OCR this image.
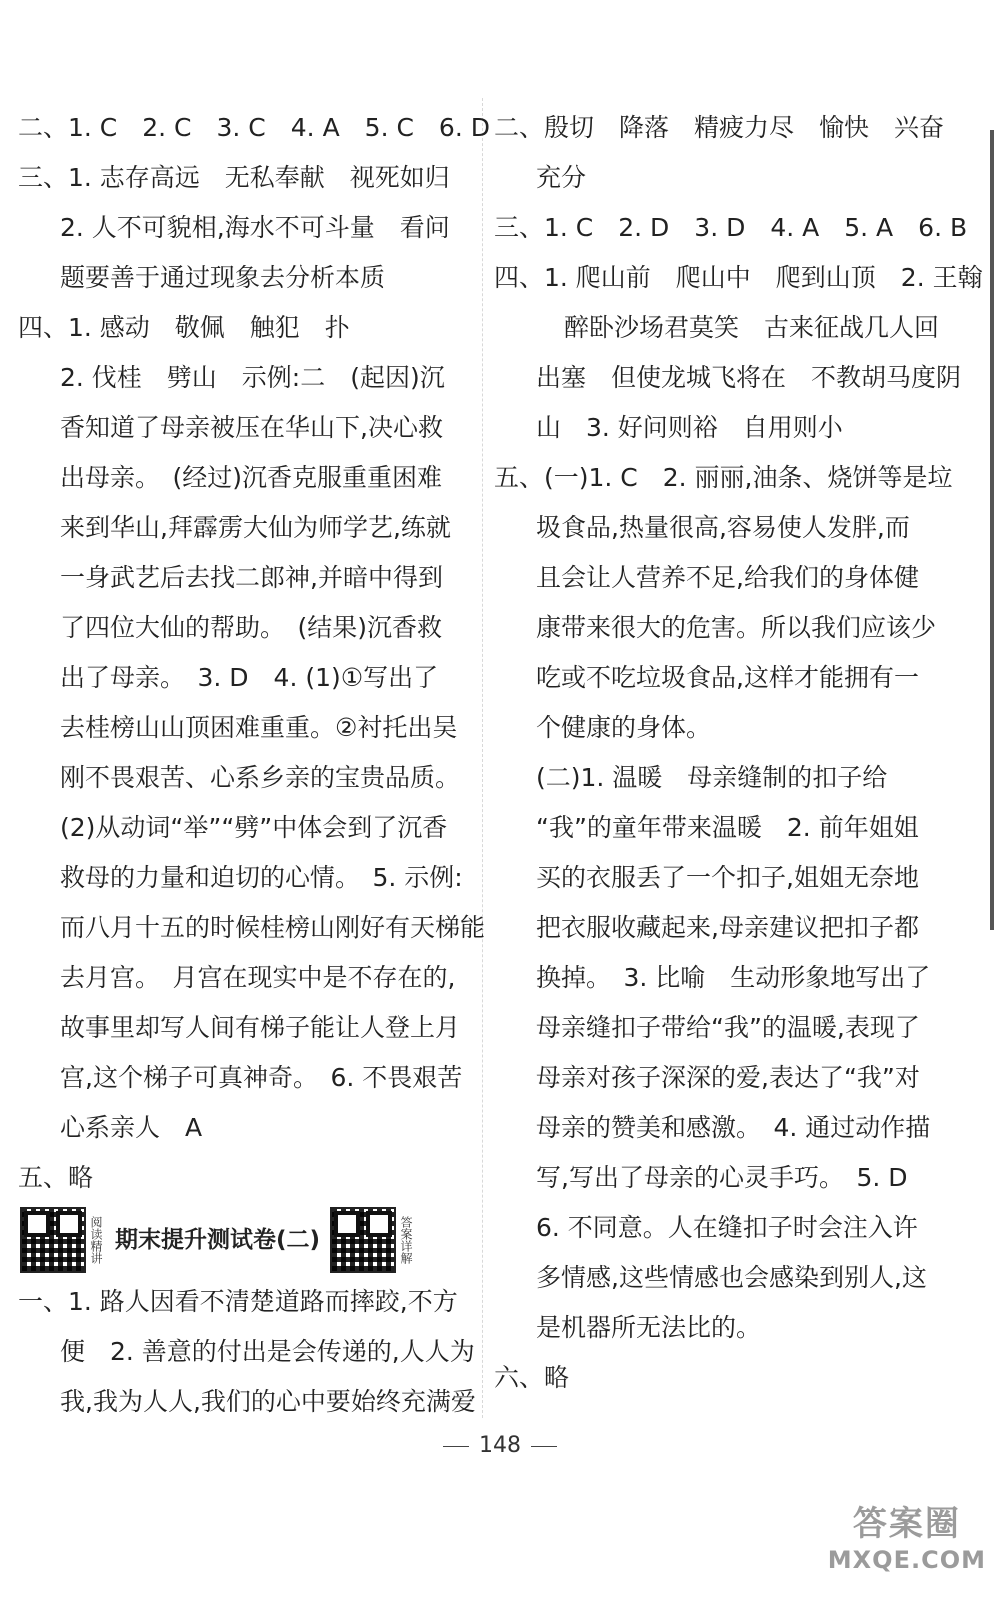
二、1. C　2. C　3. C　4. A　5. C　6. D
三、1. 志存高远　无私奉献　视死如归
2. 人不可貌相,海水不可斗量　看问
题要善于通过现象去分析本质
四、1. 感动　敬佩　触犯　扑
2. 伐桂　劈山　示例:二　(起因)沉
香知道了母亲被压在华山下,决心救
出母亲。　(经过)沉香克服重重困难
来到华山,拜霹雳大仙为师学艺,练就
一身武艺后去找二郎神,并暗中得到
了四位大仙的帮助。　(结果)沉香救
出了母亲。　3. D　4. (1)①写出了
去桂榜山山顶困难重重。②衬托出吴
刚不畏艰苦、心系乡亲的宝贵品质。
(2)从动词“举”“劈”中体会到了沉香
救母的力量和迫切的心情。　5. 示例:
而八月十五的时候桂榜山刚好有天梯能
去月宫。　月宫在现实中是不存在的,
故事里却写人间有梯子能让人登上月
宫,这个梯子可真神奇。　6. 不畏艰苦
心系亲人　A
五、略
阅读精讲 期末提升测试卷(二)	答案详解
一、1. 路人因看不清楚道路而摔跤,不方
便　2. 善意的付出是会传递的,人人为
我,我为人人,我们的心中要始终充满爱
二、殷切　降落　精疲力尽　愉快　兴奋
充分
三、1. C　2. D　3. D　4. A　5. A　6. B
四、1. 爬山前　爬山中　爬到山顶　2. 王翰
醉卧沙场君莫笑　古来征战几人回
出塞　但使龙城飞将在　不教胡马度阴
山　3. 好问则裕　自用则小
五、(一)1. C　2. 丽丽,油条、烧饼等是垃
圾食品,热量很高,容易使人发胖,而
且会让人营养不足,给我们的身体健
康带来很大的危害。所以我们应该少
吃或不吃垃圾食品,这样才能拥有一
个健康的身体。
(二)1. 温暖　母亲缝制的扣子给
“我”的童年带来温暖　2. 前年姐姐
买的衣服丢了一个扣子,姐姐无奈地
把衣服收藏起来,母亲建议把扣子都
换掉。　3. 比喻　生动形象地写出了
母亲缝扣子带给“我”的温暖,表现了
母亲对孩子深深的爱,表达了“我”对
母亲的赞美和感激。　4. 通过动作描
写,写出了母亲的心灵手巧。　5. D
6. 不同意。人在缝扣子时会注入许
多情感,这些情感也会感染到别人,这
是机器所无法比的。
六、略
148
答案圈
MXQE.COM
